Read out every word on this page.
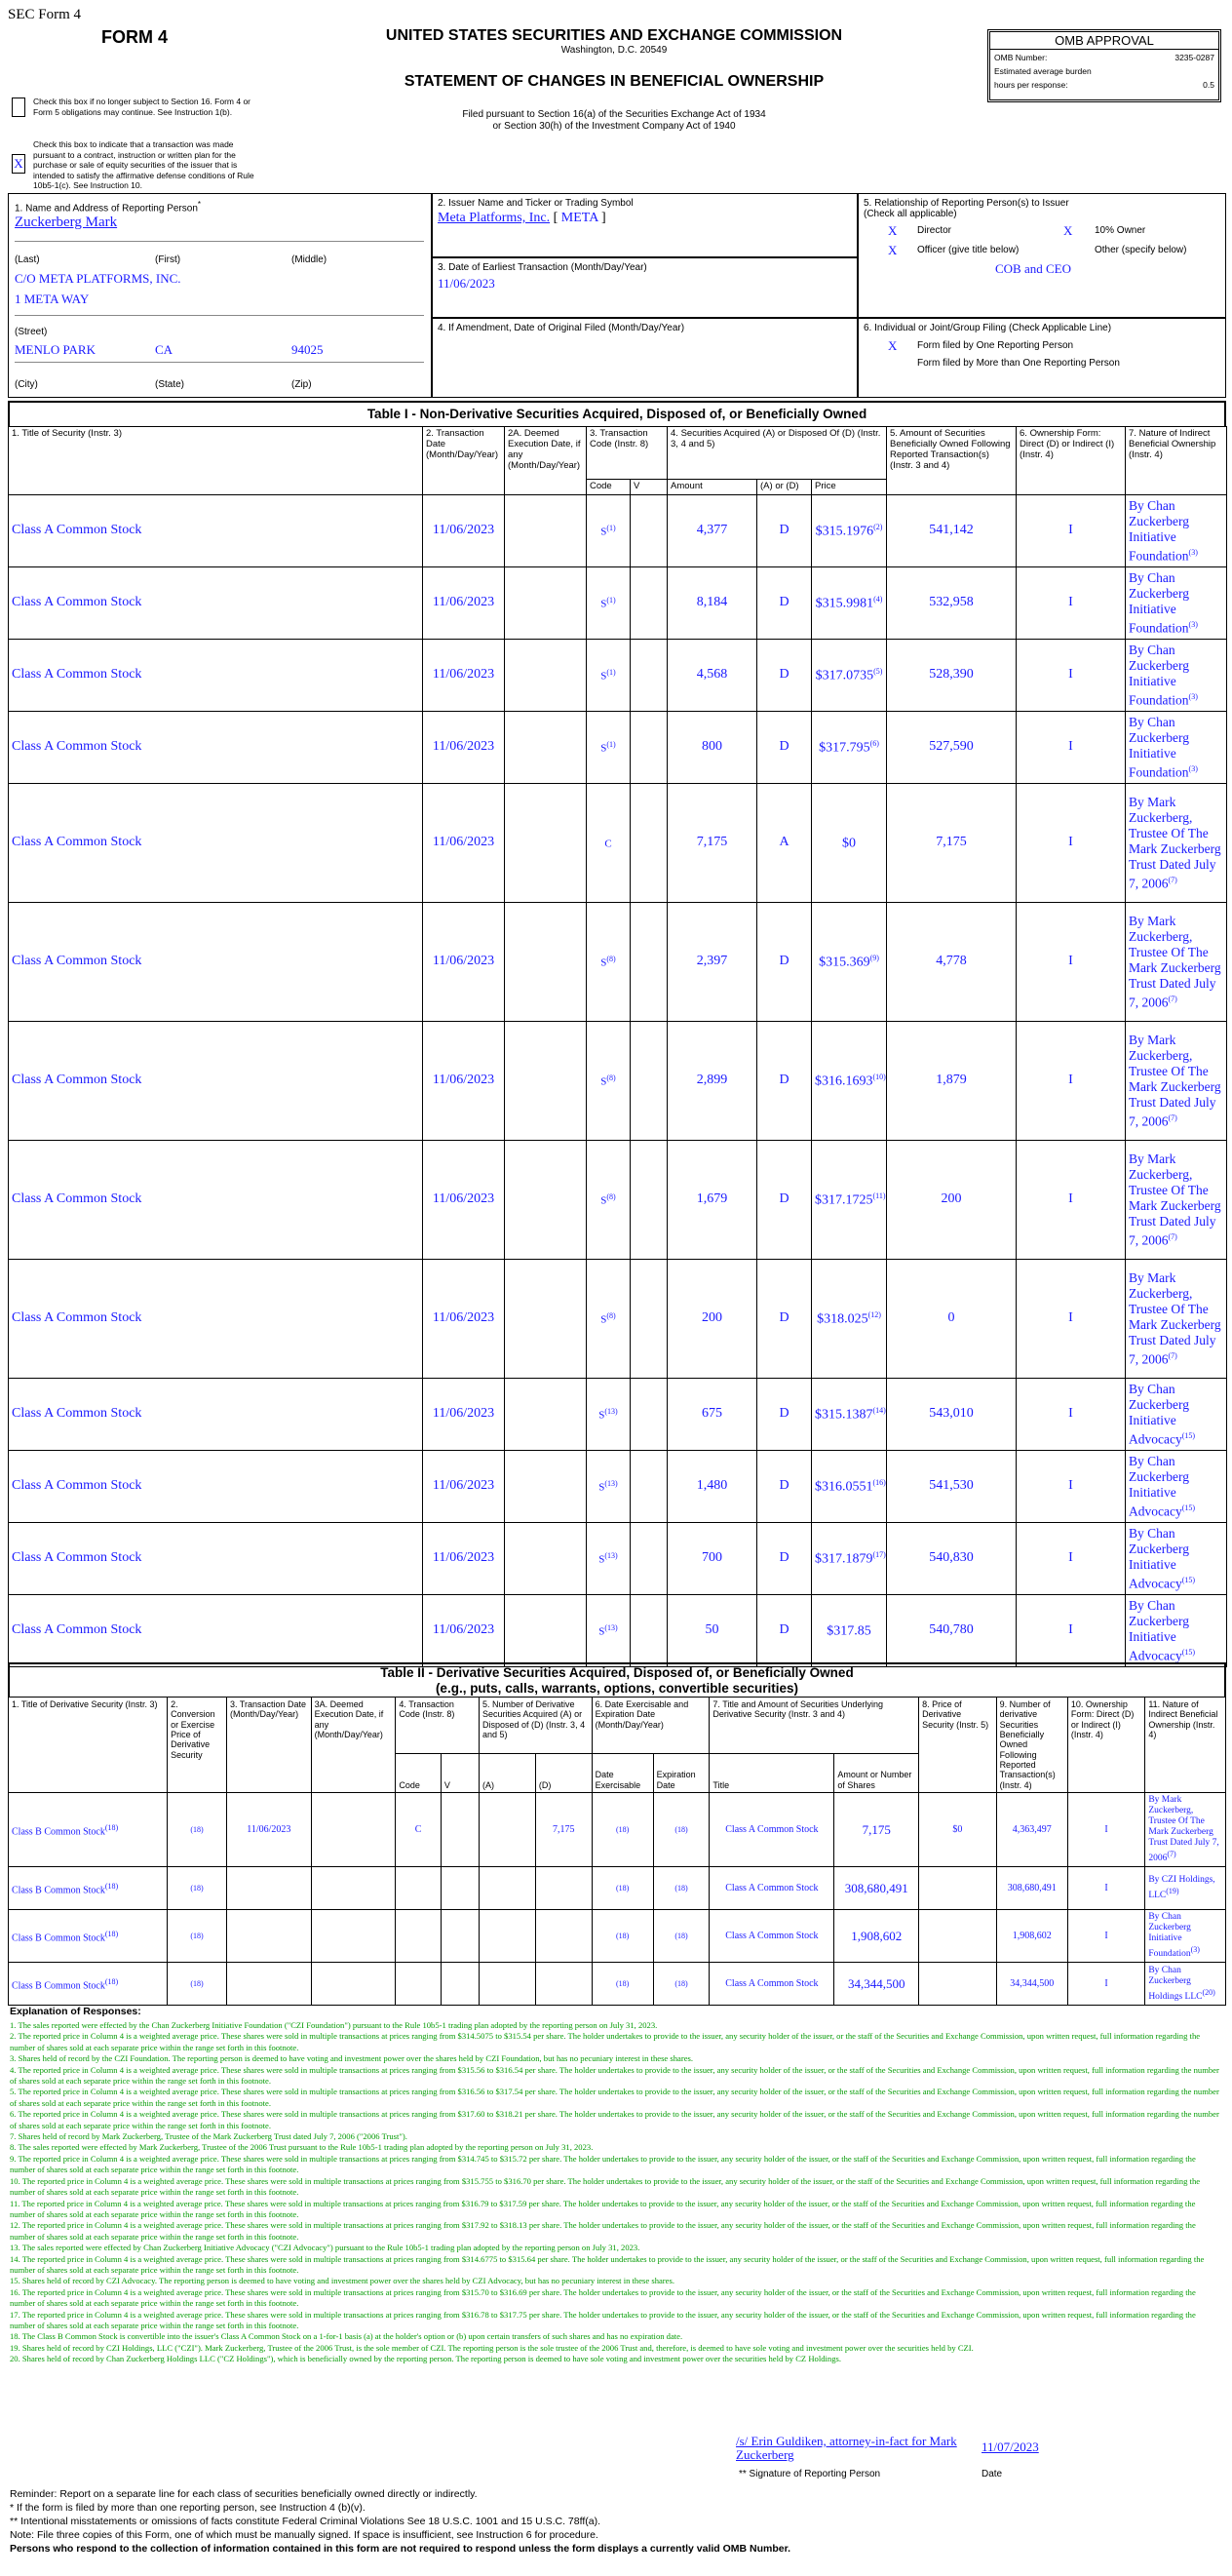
SEC Form 4
FORM 4	UNITED STATES SECURITIES AND EXCHANGE COMMISSION
Washington, D.C. 20549
STATEMENT OF CHANGES IN BENEFICIAL OWNERSHIP
Filed pursuant to Section 16(a) of the Securities Exchange Act of 1934
or Section 30(h) of the Investment Company Act of 1940
Check this box if no longer subject to Section 16. Form 4 or Form 5 obligations may continue. See Instruction 1(b).
X
Check this box to indicate that a transaction was made pursuant to a contract, instruction or written plan for the purchase or sale of equity securities of the issuer that is intended to satisfy the affirmative defense conditions of Rule 10b5-1(c). See Instruction 10.
OMB APPROVAL
OMB Number:	3235-0287
Estimated average burden
hours per response:	0.5
1. Name and Address of Reporting Person*
Zuckerberg Mark
(Last)	(First)	(Middle)
C/O META PLATFORMS, INC.
1 META WAY
(Street)
MENLO PARK	CA	94025
(City)	(State)	(Zip)
2. Issuer Name and Ticker or Trading Symbol
Meta Platforms, Inc. [ META ]
3. Date of Earliest Transaction (Month/Day/Year)
11/06/2023
4. If Amendment, Date of Original Filed (Month/Day/Year)
5. Relationship of Reporting Person(s) to Issuer
(Check all applicable)
X Director	X 10% Owner
X Officer (give title below)	Other (specify below)
COB and CEO
6. Individual or Joint/Group Filing (Check Applicable Line)
X Form filed by One Reporting Person
Form filed by More than One Reporting Person
Table I - Non-Derivative Securities Acquired, Disposed of, or Beneficially Owned
1. Title of Security (Instr. 3)	2. Transaction Date (Month/Day/Year)	2A. Deemed Execution Date, if any (Month/Day/Year)	3. Transaction Code (Instr. 8)		4. Securities Acquired (A) or Disposed Of (D) (Instr. 3, 4 and 5)			5. Amount of Securities Beneficially Owned Following Reported Transaction(s) (Instr. 3 and 4)	6. Ownership Form: Direct (D) or Indirect (I) (Instr. 4)	7. Nature of Indirect Beneficial Ownership (Instr. 4)
			Code	V	Amount	(A) or (D)	Price			
Class A Common Stock	11/06/2023		$S^{(1)}$		4,377	D	$315.1976$^{(2)}$	541,142	I	By Chan Zuckerberg Initiative Foundation$^{(3)}$
Class A Common Stock	11/06/2023		$S^{(1)}$		8,184	D	$315.9981$^{(4)}$	532,958	I	By Chan Zuckerberg Initiative Foundation$^{(3)}$
Class A Common Stock	11/06/2023		$S^{(1)}$		4,568	D	$317.0735$^{(5)}$	528,390	I	By Chan Zuckerberg Initiative Foundation$^{(3)}$
Class A Common Stock	11/06/2023		$S^{(1)}$		800	D	$317.795$^{(6)}$	527,590	I	By Chan Zuckerberg Initiative Foundation$^{(3)}$
Class A Common Stock	11/06/2023		C		7,175	A	$0	7,175	I	By Mark Zuckerberg, Trustee Of The Mark Zuckerberg Trust Dated July 7, 2006$^{(7)}$
Class A Common Stock	11/06/2023		$S^{(8)}$		2,397	D	$315.369$^{(9)}$	4,778	I	By Mark Zuckerberg, Trustee Of The Mark Zuckerberg Trust Dated July 7, 2006$^{(7)}$
Class A Common Stock	11/06/2023		$S^{(8)}$		2,899	D	$316.1693$^{(10)}$	1,879	I	By Mark Zuckerberg, Trustee Of The Mark Zuckerberg Trust Dated July 7, 2006$^{(7)}$
Class A Common Stock	11/06/2023		$S^{(8)}$		1,679	D	$317.1725$^{(11)}$	200	I	By Mark Zuckerberg, Trustee Of The Mark Zuckerberg Trust Dated July 7, 2006$^{(7)}$
Class A Common Stock	11/06/2023		$S^{(8)}$		200	D	$318.025$^{(12)}$	0	I	By Mark Zuckerberg, Trustee Of The Mark Zuckerberg Trust Dated July 7, 2006$^{(7)}$
Class A Common Stock	11/06/2023		$S^{(13)}$		675	D	$315.1387$^{(14)}$	543,010	I	By Chan Zuckerberg Initiative Advocacy$^{(15)}$
Class A Common Stock	11/06/2023		$S^{(13)}$		1,480	D	$316.0551$^{(16)}$	541,530	I	By Chan Zuckerberg Initiative Advocacy$^{(15)}$
Class A Common Stock	11/06/2023		$S^{(13)}$		700	D	$317.1879$^{(17)}$	540,830	I	By Chan Zuckerberg Initiative Advocacy$^{(15)}$
Class A Common Stock	11/06/2023		$S^{(13)}$		50	D	$317.85	540,780	I	By Chan Zuckerberg Initiative Advocacy$^{(15)}$
Table II - Derivative Securities Acquired, Disposed of, or Beneficially Owned
(e.g., puts, calls, warrants, options, convertible securities)
1. Title of Derivative Security (Instr. 3)	2. Conversion or Exercise Price of Derivative Security	3. Transaction Date (Month/Day/Year)	3A. Deemed Execution Date, if any (Month/Day/Year)	4. Transaction Code (Instr. 8)		5. Number of Derivative Securities Acquired (A) or Disposed of (D) (Instr. 3, 4 and 5)		6. Date Exercisable and Expiration Date (Month/Day/Year)		7. Title and Amount of Securities Underlying Derivative Security (Instr. 3 and 4)		8. Price of Derivative Security (Instr. 5)	9. Number of derivative Securities Beneficially Owned Following Reported Transaction(s) (Instr. 4)	10. Ownership Form: Direct (D) or Indirect (I) (Instr. 4)	11. Nature of Indirect Beneficial Ownership (Instr. 4)
				Code	V	(A)	(D)	Date Exercisable	Expiration Date	Title	Amount or Number of Shares				
Class B Common Stock$^{(18)}$	(18)	11/06/2023		C			7,175	(18)	(18)	Class A Common Stock	7,175	$0	4,363,497	I	By Mark Zuckerberg, Trustee Of The Mark Zuckerberg Trust Dated July 7, 2006$^{(7)}$
Class B Common Stock$^{(18)}$	(18)							(18)	(18)	Class A Common Stock	308,680,491		308,680,491	I	By CZI Holdings, LLC$^{(19)}$
Class B Common Stock$^{(18)}$	(18)							(18)	(18)	Class A Common Stock	1,908,602		1,908,602	I	By Chan Zuckerberg Initiative Foundation$^{(3)}$
Class B Common Stock$^{(18)}$	(18)							(18)	(18)	Class A Common Stock	34,344,500		34,344,500	I	By Chan Zuckerberg Holdings LLC$^{(20)}$
Explanation of Responses:
1. The sales reported were effected by the Chan Zuckerberg Initiative Foundation ("CZI Foundation") pursuant to the Rule 10b5-1 trading plan adopted by the reporting person on July 31, 2023.
2. The reported price in Column 4 is a weighted average price. These shares were sold in multiple transactions at prices ranging from $314.5075 to $315.54 per share. The holder undertakes to provide to the issuer, any security holder of the issuer, or the staff of the Securities and Exchange Commission, upon written request, full information regarding the number of shares sold at each separate price within the range set forth in this footnote.
3. Shares held of record by the CZI Foundation. The reporting person is deemed to have voting and investment power over the shares held by CZI Foundation, but has no pecuniary interest in these shares.
4. The reported price in Column 4 is a weighted average price. These shares were sold in multiple transactions at prices ranging from $315.56 to $316.54 per share. The holder undertakes to provide to the issuer, any security holder of the issuer, or the staff of the Securities and Exchange Commission, upon written request, full information regarding the number of shares sold at each separate price within the range set forth in this footnote.
5. The reported price in Column 4 is a weighted average price. These shares were sold in multiple transactions at prices ranging from $316.56 to $317.54 per share. The holder undertakes to provide to the issuer, any security holder of the issuer, or the staff of the Securities and Exchange Commission, upon written request, full information regarding the number of shares sold at each separate price within the range set forth in this footnote.
6. The reported price in Column 4 is a weighted average price. These shares were sold in multiple transactions at prices ranging from $317.60 to $318.21 per share. The holder undertakes to provide to the issuer, any security holder of the issuer, or the staff of the Securities and Exchange Commission, upon written request, full information regarding the number of shares sold at each separate price within the range set forth in this footnote.
7. Shares held of record by Mark Zuckerberg, Trustee of the Mark Zuckerberg Trust dated July 7, 2006 ("2006 Trust").
8. The sales reported were effected by Mark Zuckerberg, Trustee of the 2006 Trust pursuant to the Rule 10b5-1 trading plan adopted by the reporting person on July 31, 2023.
9. The reported price in Column 4 is a weighted average price. These shares were sold in multiple transactions at prices ranging from $314.745 to $315.72 per share. The holder undertakes to provide to the issuer, any security holder of the issuer, or the staff of the Securities and Exchange Commission, upon written request, full information regarding the number of shares sold at each separate price within the range set forth in this footnote.
10. The reported price in Column 4 is a weighted average price. These shares were sold in multiple transactions at prices ranging from $315.755 to $316.70 per share. The holder undertakes to provide to the issuer, any security holder of the issuer, or the staff of the Securities and Exchange Commission, upon written request, full information regarding the number of shares sold at each separate price within the range set forth in this footnote.
11. The reported price in Column 4 is a weighted average price. These shares were sold in multiple transactions at prices ranging from $316.79 to $317.59 per share. The holder undertakes to provide to the issuer, any security holder of the issuer, or the staff of the Securities and Exchange Commission, upon written request, full information regarding the number of shares sold at each separate price within the range set forth in this footnote.
12. The reported price in Column 4 is a weighted average price. These shares were sold in multiple transactions at prices ranging from $317.92 to $318.13 per share. The holder undertakes to provide to the issuer, any security holder of the issuer, or the staff of the Securities and Exchange Commission, upon written request, full information regarding the number of shares sold at each separate price within the range set forth in this footnote.
13. The sales reported were effected by Chan Zuckerberg Initiative Advocacy ("CZI Advocacy") pursuant to the Rule 10b5-1 trading plan adopted by the reporting person on July 31, 2023.
14. The reported price in Column 4 is a weighted average price. These shares were sold in multiple transactions at prices ranging from $314.6775 to $315.64 per share. The holder undertakes to provide to the issuer, any security holder of the issuer, or the staff of the Securities and Exchange Commission, upon written request, full information regarding the number of shares sold at each separate price within the range set forth in this footnote.
15. Shares held of record by CZI Advocacy. The reporting person is deemed to have voting and investment power over the shares held by CZI Advocacy, but has no pecuniary interest in these shares.
16. The reported price in Column 4 is a weighted average price. These shares were sold in multiple transactions at prices ranging from $315.70 to $316.69 per share. The holder undertakes to provide to the issuer, any security holder of the issuer, or the staff of the Securities and Exchange Commission, upon written request, full information regarding the number of shares sold at each separate price within the range set forth in this footnote.
17. The reported price in Column 4 is a weighted average price. These shares were sold in multiple transactions at prices ranging from $316.78 to $317.75 per share. The holder undertakes to provide to the issuer, any security holder of the issuer, or the staff of the Securities and Exchange Commission, upon written request, full information regarding the number of shares sold at each separate price within the range set forth in this footnote.
18. The Class B Common Stock is convertible into the issuer's Class A Common Stock on a 1-for-1 basis (a) at the holder's option or (b) upon certain transfers of such shares and has no expiration date.
19. Shares held of record by CZI Holdings, LLC ("CZI"). Mark Zuckerberg, Trustee of the 2006 Trust, is the sole member of CZI. The reporting person is the sole trustee of the 2006 Trust and, therefore, is deemed to have sole voting and investment power over the securities held by CZI.
20. Shares held of record by Chan Zuckerberg Holdings LLC ("CZ Holdings"), which is beneficially owned by the reporting person. The reporting person is deemed to have sole voting and investment power over the securities held by CZ Holdings.
/s/ Erin Guldiken, attorney-in-fact for Mark Zuckerberg
11/07/2023
** Signature of Reporting Person	Date
Reminder: Report on a separate line for each class of securities beneficially owned directly or indirectly.
* If the form is filed by more than one reporting person, see Instruction 4 (b)(v).
** Intentional misstatements or omissions of facts constitute Federal Criminal Violations See 18 U.S.C. 1001 and 15 U.S.C. 78ff(a).
Note: File three copies of this Form, one of which must be manually signed. If space is insufficient, see Instruction 6 for procedure.
Persons who respond to the collection of information contained in this form are not required to respond unless the form displays a currently valid OMB Number.
